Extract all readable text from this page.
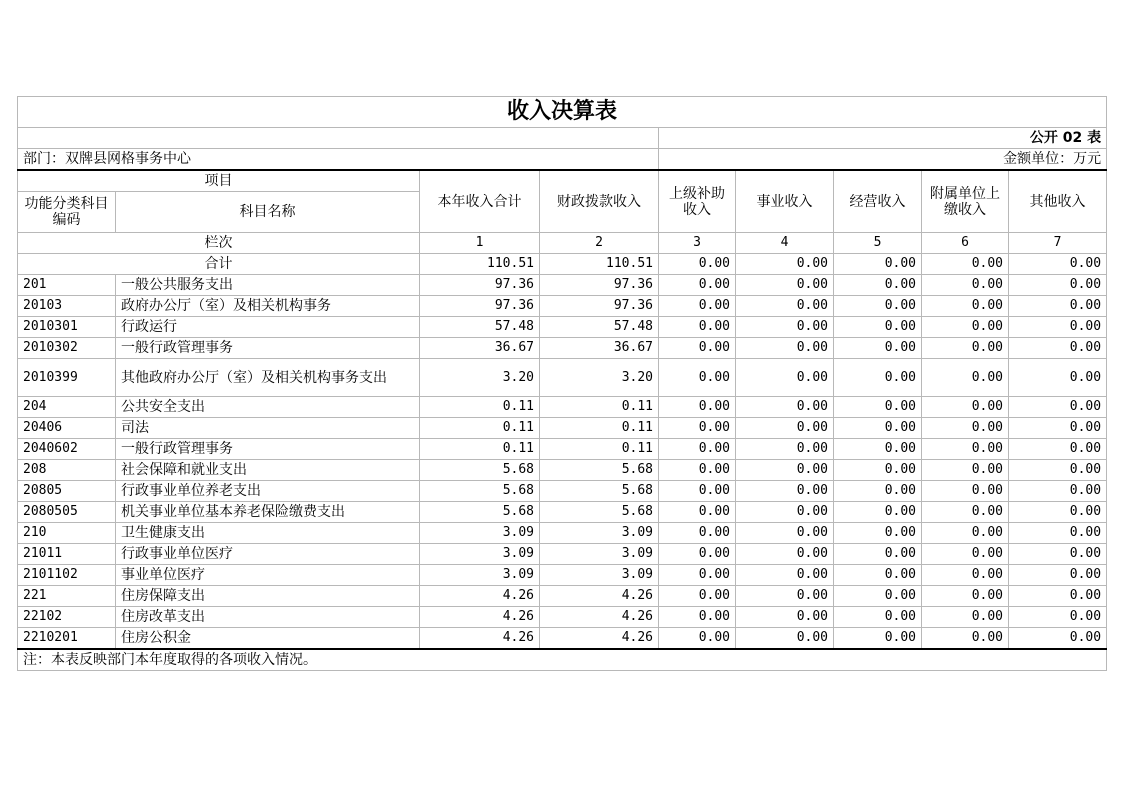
收入决算表								
				公开 02 表				
部门：双牌县网格事务中心				金额单位：万元				
项目		本年收入合计	财政拨款收入	上级补助收入	事业收入	经营收入	附属单位上缴收入	其他收入
功能分类科目编码	科目名称							
栏次		1	2	3	4	5	6	7
合计		110.51	110.51	0.00	0.00	0.00	0.00	0.00
201	一般公共服务支出	97.36	97.36	0.00	0.00	0.00	0.00	0.00
20103	政府办公厅（室）及相关机构事务	97.36	97.36	0.00	0.00	0.00	0.00	0.00
2010301	行政运行	57.48	57.48	0.00	0.00	0.00	0.00	0.00
2010302	一般行政管理事务	36.67	36.67	0.00	0.00	0.00	0.00	0.00
2010399	其他政府办公厅（室）及相关机构事务支出	3.20	3.20	0.00	0.00	0.00	0.00	0.00
204	公共安全支出	0.11	0.11	0.00	0.00	0.00	0.00	0.00
20406	司法	0.11	0.11	0.00	0.00	0.00	0.00	0.00
2040602	一般行政管理事务	0.11	0.11	0.00	0.00	0.00	0.00	0.00
208	社会保障和就业支出	5.68	5.68	0.00	0.00	0.00	0.00	0.00
20805	行政事业单位养老支出	5.68	5.68	0.00	0.00	0.00	0.00	0.00
2080505	机关事业单位基本养老保险缴费支出	5.68	5.68	0.00	0.00	0.00	0.00	0.00
210	卫生健康支出	3.09	3.09	0.00	0.00	0.00	0.00	0.00
21011	行政事业单位医疗	3.09	3.09	0.00	0.00	0.00	0.00	0.00
2101102	事业单位医疗	3.09	3.09	0.00	0.00	0.00	0.00	0.00
221	住房保障支出	4.26	4.26	0.00	0.00	0.00	0.00	0.00
22102	住房改革支出	4.26	4.26	0.00	0.00	0.00	0.00	0.00
2210201	住房公积金	4.26	4.26	0.00	0.00	0.00	0.00	0.00
注：本表反映部门本年度取得的各项收入情况。								
